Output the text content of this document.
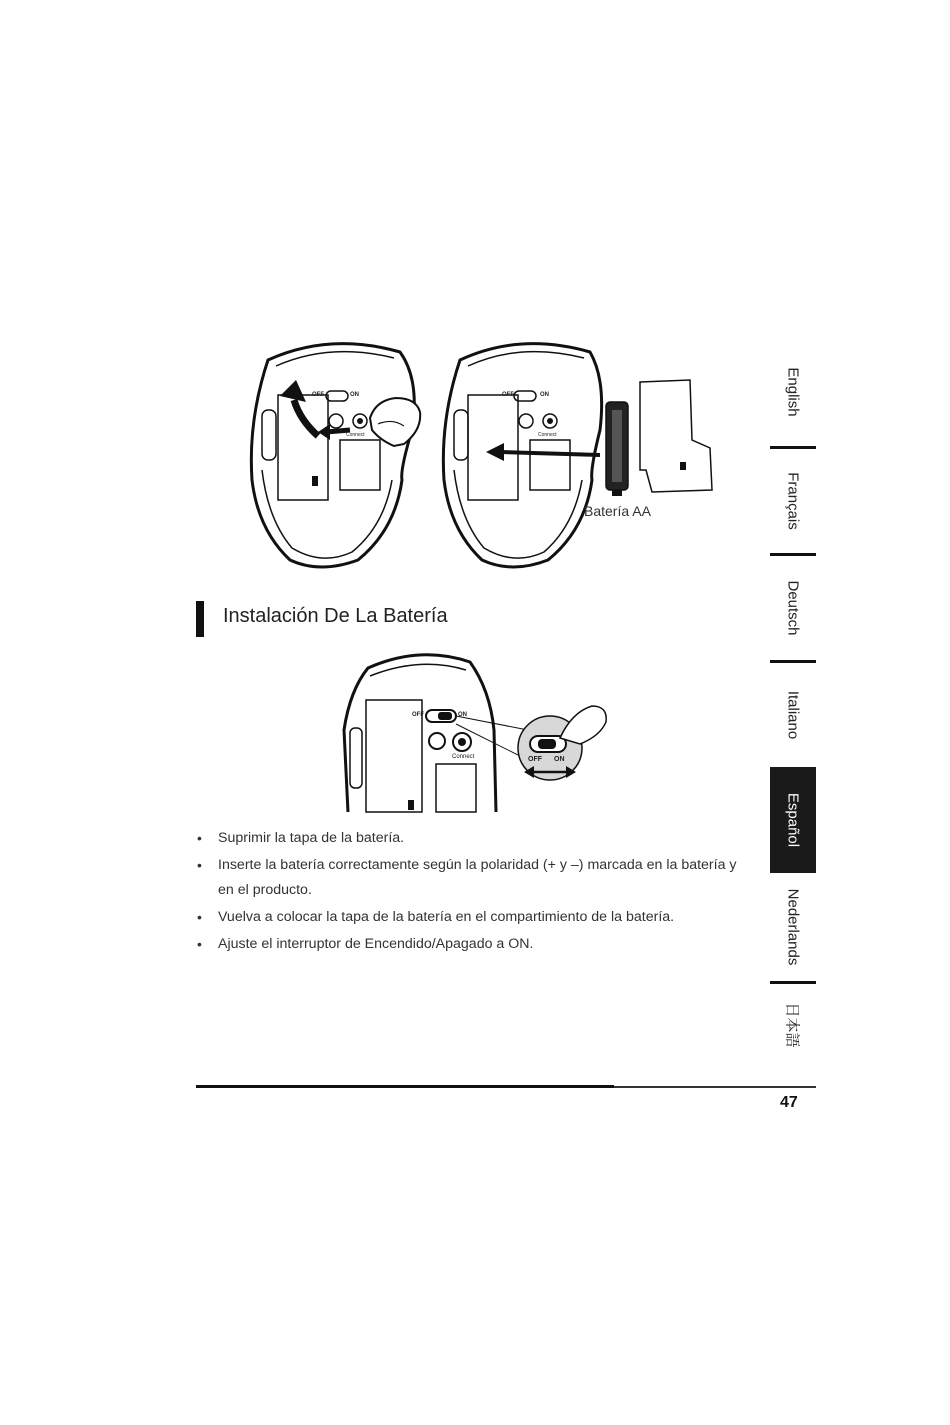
OFF	ON
Connect
OFF	ON
Connect
Batería AA
Instalación De La Batería
OFF	ON
Connect	OFF ON
• Suprimir la tapa de la batería.
• Inserte la batería correctamente según la polaridad (+ y –) marcada en la batería y en el producto.
• Vuelva a colocar la tapa de la batería en el compartimiento de la batería.
• Ajuste el interruptor de Encendido/Apagado a ON.
English
Français
Deutsch
Italiano
Español
Nederlands
日本語
47
